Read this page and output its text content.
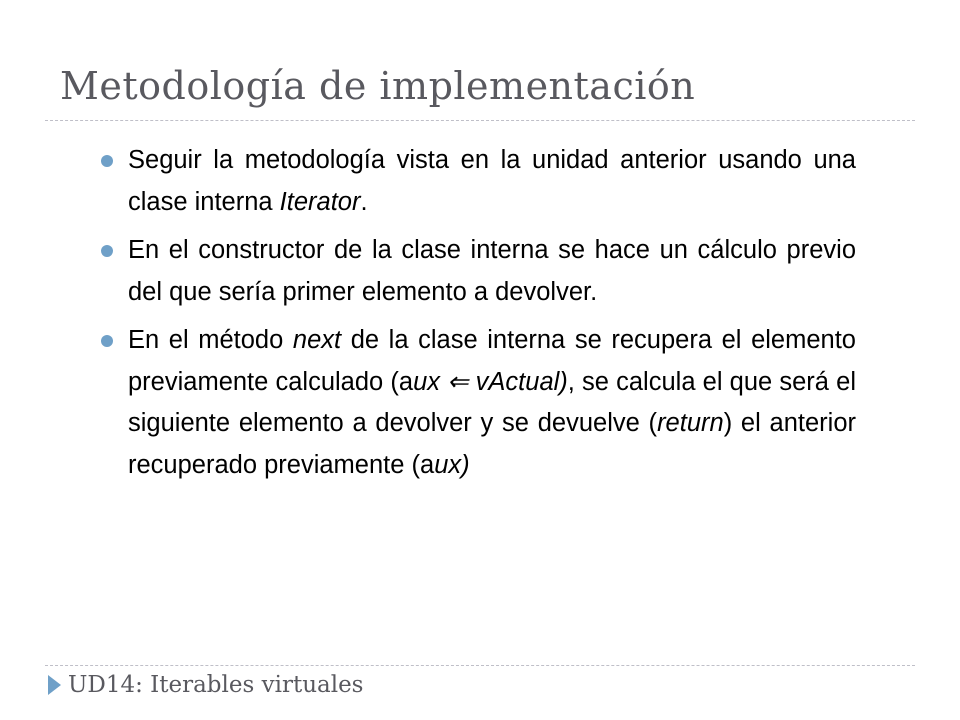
Metodología de implementación
Seguir la metodología vista en la unidad anterior usando una clase interna Iterator.
En el constructor de la clase interna se hace un cálculo previo del que sería primer elemento a devolver.
En el método next de la clase interna se recupera el elemento previamente calculado (aux ⇐ vActual), se calcula el que será el siguiente elemento a devolver y se devuelve (return) el anterior recuperado previamente (aux)
UD14: Iterables virtuales
